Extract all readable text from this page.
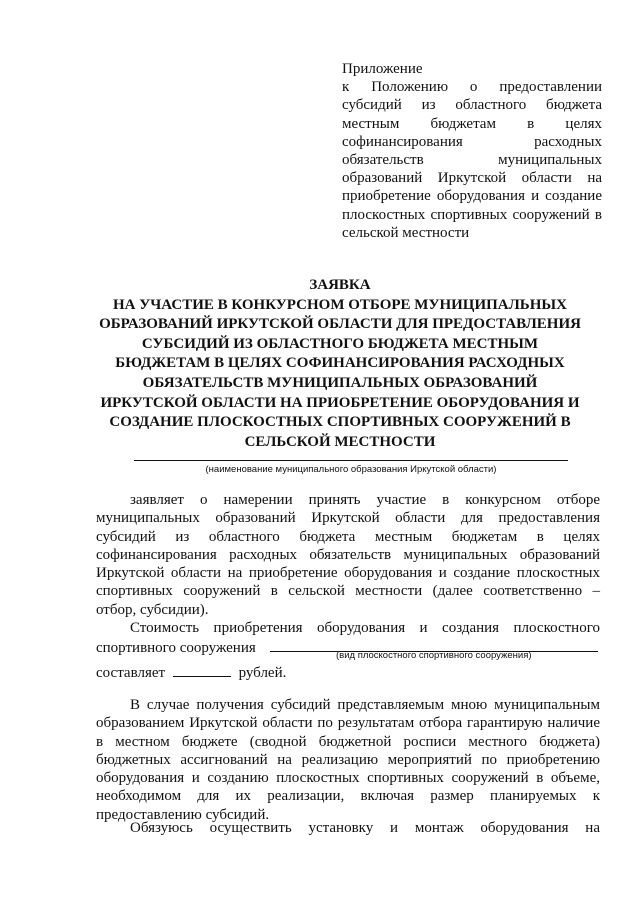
Приложение
к Положению о предоставлении
субсидий из областного бюджета
местным бюджетам в целях
софинансирования расходных
обязательств муниципальных
образований Иркутской области на
приобретение оборудования и создание
плоскостных спортивных сооружений в
сельской местности
ЗАЯВКА
НА УЧАСТИЕ В КОНКУРСНОМ ОТБОРЕ МУНИЦИПАЛЬНЫХ
ОБРАЗОВАНИЙ ИРКУТСКОЙ ОБЛАСТИ ДЛЯ ПРЕДОСТАВЛЕНИЯ
СУБСИДИЙ ИЗ ОБЛАСТНОГО БЮДЖЕТА МЕСТНЫМ
БЮДЖЕТАМ В ЦЕЛЯХ СОФИНАНСИРОВАНИЯ РАСХОДНЫХ
ОБЯЗАТЕЛЬСТВ МУНИЦИПАЛЬНЫХ ОБРАЗОВАНИЙ
ИРКУТСКОЙ ОБЛАСТИ НА ПРИОБРЕТЕНИЕ ОБОРУДОВАНИЯ И
СОЗДАНИЕ ПЛОСКОСТНЫХ СПОРТИВНЫХ СООРУЖЕНИЙ В
СЕЛЬСКОЙ МЕСТНОСТИ
(наименование муниципального образования Иркутской области)
заявляет о намерении принять участие в конкурсном отборе
муниципальных образований Иркутской области для предоставления
субсидий из областного бюджета местным бюджетам в целях
софинансирования расходных обязательств муниципальных образований
Иркутской области на приобретение оборудования и создание плоскостных
спортивных сооружений в сельской местности (далее соответственно –
отбор, субсидии).
Стоимость приобретения оборудования и создания плоскостного
спортивного сооружения	(вид плоскостного спортивного сооружения)
составляет	рублей.
В случае получения субсидий представляемым мною муниципальным
образованием Иркутской области по результатам отбора гарантирую наличие
в местном бюджете (сводной бюджетной росписи местного бюджета)
бюджетных ассигнований на реализацию мероприятий по приобретению
оборудования и созданию плоскостных спортивных сооружений в объеме,
необходимом для их реализации, включая размер планируемых к
предоставлению субсидий.
Обязуюсь осуществить установку и монтаж оборудования на
